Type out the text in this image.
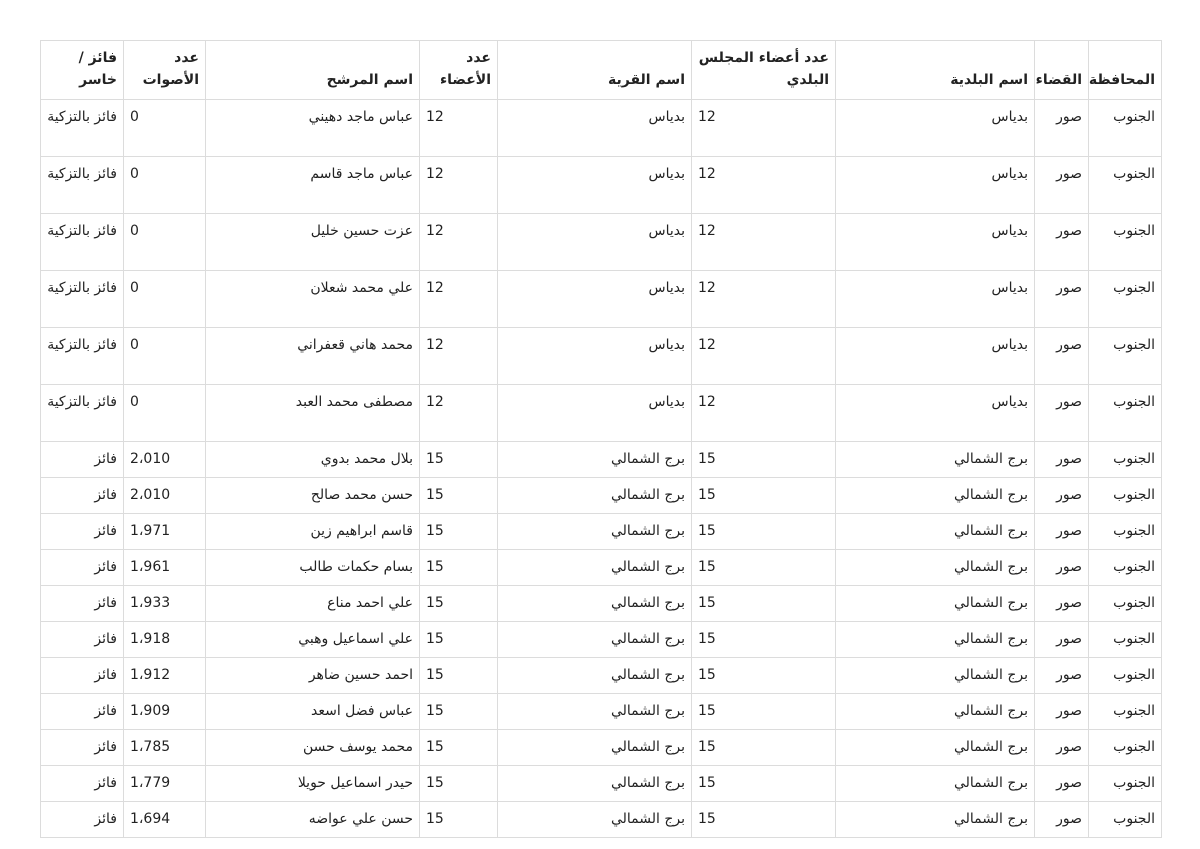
المحافظة	القضاء	اسم البلدية	عدد أعضاء المجلس البلدي	اسم القرية	عدد الأعضاء	اسم المرشح	عدد الأصوات	فائز / خاسر
الجنوب	صور	بدياس	12	بدياس	12	عباس ماجد دهيني	0	فائز بالتزكية
الجنوب	صور	بدياس	12	بدياس	12	عباس ماجد قاسم	0	فائز بالتزكية
الجنوب	صور	بدياس	12	بدياس	12	عزت حسين خليل	0	فائز بالتزكية
الجنوب	صور	بدياس	12	بدياس	12	علي محمد شعلان	0	فائز بالتزكية
الجنوب	صور	بدياس	12	بدياس	12	محمد هاني قعفراني	0	فائز بالتزكية
الجنوب	صور	بدياس	12	بدياس	12	مصطفى محمد العبد	0	فائز بالتزكية
الجنوب	صور	برج الشمالي	15	برج الشمالي	15	بلال محمد بدوي	2،010	فائز
الجنوب	صور	برج الشمالي	15	برج الشمالي	15	حسن محمد صالح	2،010	فائز
الجنوب	صور	برج الشمالي	15	برج الشمالي	15	قاسم ابراهيم زين	1،971	فائز
الجنوب	صور	برج الشمالي	15	برج الشمالي	15	بسام حكمات طالب	1،961	فائز
الجنوب	صور	برج الشمالي	15	برج الشمالي	15	علي احمد مناع	1،933	فائز
الجنوب	صور	برج الشمالي	15	برج الشمالي	15	علي اسماعيل وهبي	1،918	فائز
الجنوب	صور	برج الشمالي	15	برج الشمالي	15	احمد حسين ضاهر	1،912	فائز
الجنوب	صور	برج الشمالي	15	برج الشمالي	15	عباس فضل اسعد	1،909	فائز
الجنوب	صور	برج الشمالي	15	برج الشمالي	15	محمد يوسف حسن	1،785	فائز
الجنوب	صور	برج الشمالي	15	برج الشمالي	15	حيدر اسماعيل حويلا	1،779	فائز
الجنوب	صور	برج الشمالي	15	برج الشمالي	15	حسن علي عواضه	1،694	فائز
